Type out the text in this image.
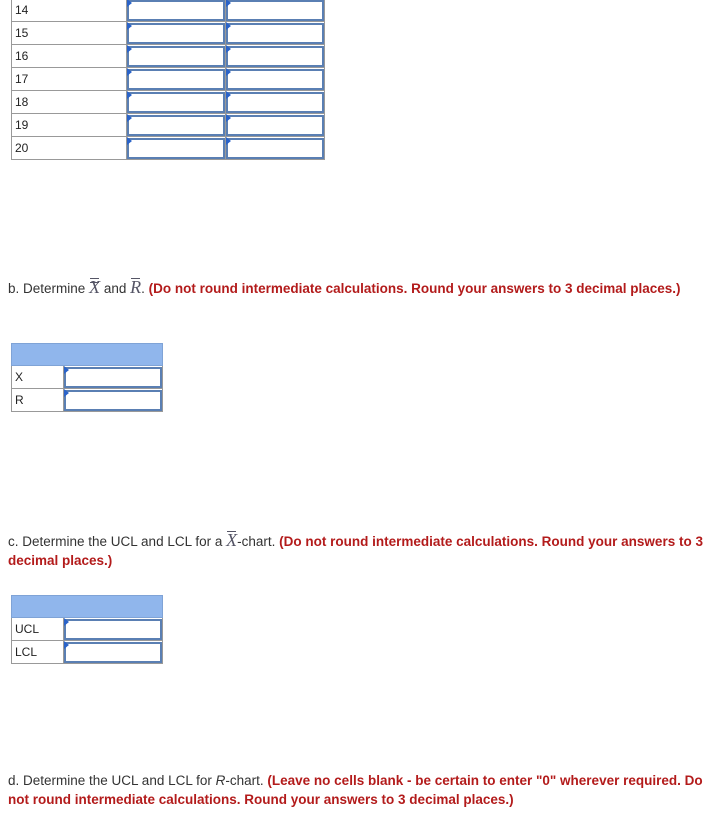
14	

15	

16	

17	

18	

19	

20	

b. Determine X and R. (Do not round intermediate calculations. Round your answers to 3 decimal places.)

X	

R	
c. Determine the UCL and LCL for a X-chart. (Do not round intermediate calculations. Round your answers to 3 decimal places.)

UCL	

LCL	
d. Determine the UCL and LCL for R-chart. (Leave no cells blank - be certain to enter "0" wherever required. Do not round intermediate calculations. Round your answers to 3 decimal places.)
